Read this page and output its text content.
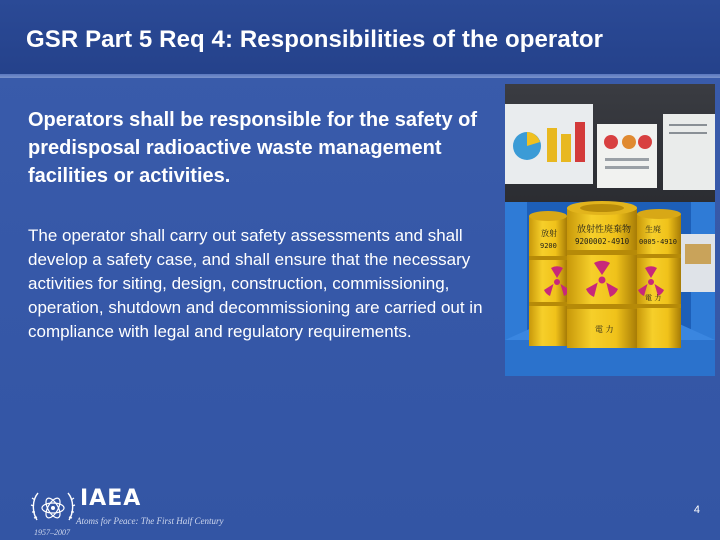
GSR Part 5 Req 4: Responsibilities of the operator
Operators shall be responsible for the safety of predisposal radioactive waste management facilities or activities.
The operator shall carry out safety assessments and shall develop a safety case, and shall ensure that the necessary activities for siting, design, construction, commissioning, operation, shutdown and decommissioning are carried out in compliance with legal and regulatory requirements.
放射
9200
放射性廃棄物
9200002-4910
電 力
生廃
0005-4910
電 力
IAEA
Atoms for Peace: The First Half Century
1957–2007
4
